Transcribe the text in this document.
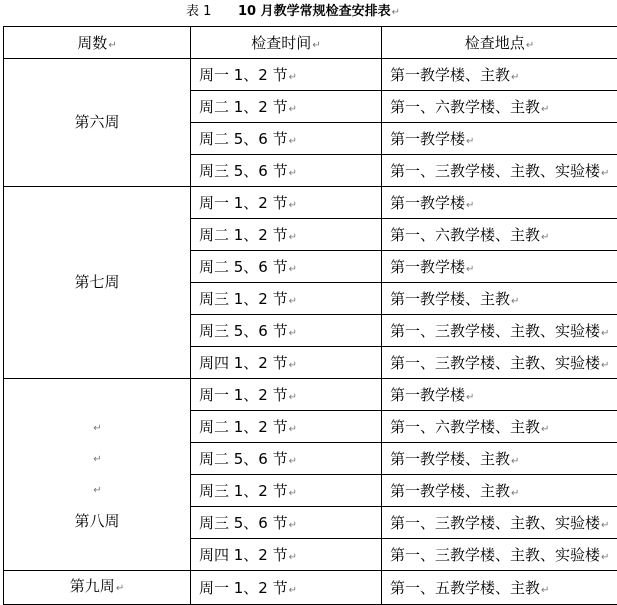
表 1 10 月教学常规检查安排表↵
周数↵	检查时间↵	检查地点↵

第六周	周一 1、2 节↵	第一教学楼、主教↵
	周二 1、2 节↵	第一、六教学楼、主教↵
	周二 5、6 节↵	第一教学楼↵
	周三 5、6 节↵	第一、三教学楼、主教、实验楼↵

第七周	周一 1、2 节↵	第一教学楼↵
	周二 1、2 节↵	第一、六教学楼、主教↵
	周二 5、6 节↵	第一教学楼↵
	周三 1、2 节↵	第一教学楼、主教↵
	周三 5、6 节↵	第一、三教学楼、主教、实验楼↵
	周四 1、2 节↵	第一、三教学楼、主教、实验楼↵

↵
↵
↵
第八周	周一 1、2 节↵	第一教学楼↵
	周二 1、2 节↵	第一、六教学楼、主教↵
	周二 5、6 节↵	第一教学楼、主教↵
	周三 1、2 节↵	第一教学楼、主教↵
	周三 5、6 节↵	第一、三教学楼、主教、实验楼↵
	周四 1、2 节↵	第一、三教学楼、主教、实验楼↵

第九周↵	周一 1、2 节↵	第一、五教学楼、主教↵
